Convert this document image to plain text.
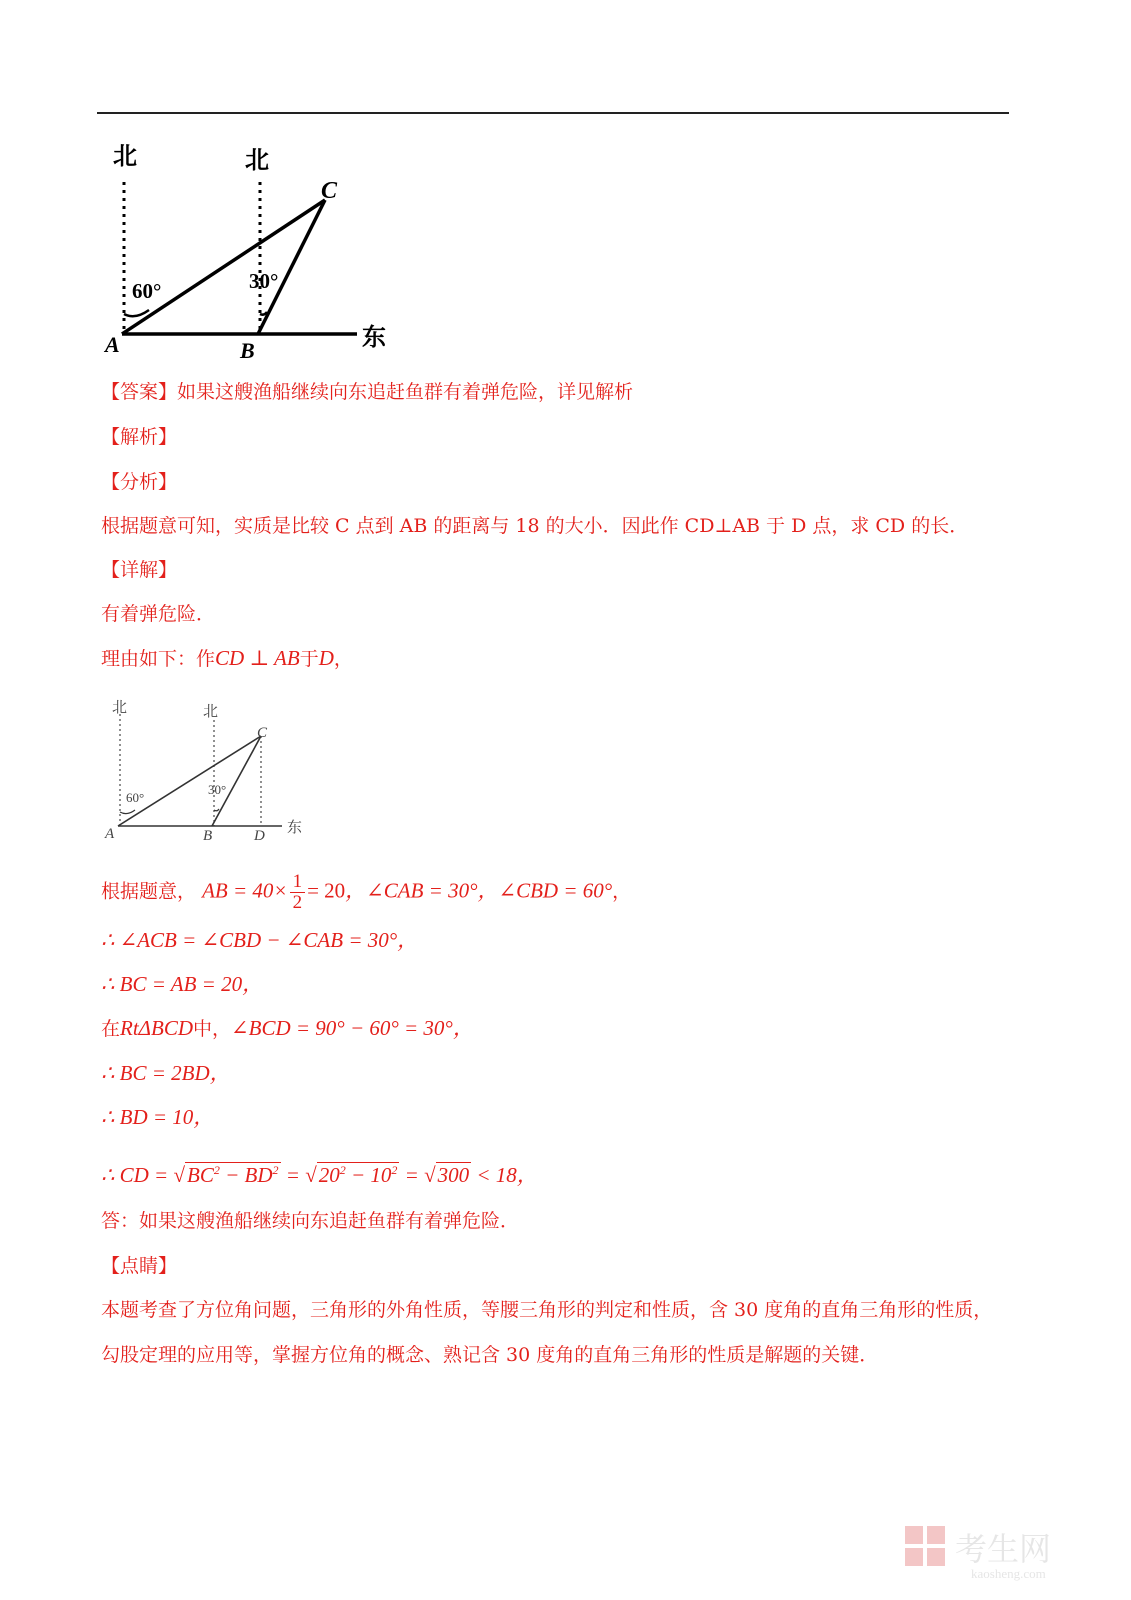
北	北
东
60°	30°
A	B
C
【答案】如果这艘渔船继续向东追赶鱼群有着弹危险，详见解析
【解析】
【分析】
根据题意可知，实质是比较 C 点到 AB 的距离与 18 的大小．因此作 CD⊥AB 于 D 点，求 CD 的长．
【详解】
有着弹危险．
理由如下：作CD ⊥ AB于D，
北	北
东
60°
30°
A	B
C
D
根据题意， AB = $40\times \frac{1}{2} = 20$，∠CAB = 30°，∠CBD = 60°，
∴ ∠ACB = ∠CBD − ∠CAB = 30°，
∴ BC = AB = 20，
在RtΔBCD中，∠BCD = 90° − 60° = 30°，
∴ BC = 2BD，
∴ BD = 10，
∴ CD = $√BC^2 - BD^2 = √20^2 - 10^2 = √300 < 18$，
答：如果这艘渔船继续向东追赶鱼群有着弹危险．
【点睛】
本题考查了方位角问题，三角形的外角性质，等腰三角形的判定和性质，含 30 度角的直角三角形的性质，
勾股定理的应用等，掌握方位角的概念、熟记含 30 度角的直角三角形的性质是解题的关键．
考生网
kaosheng.com
